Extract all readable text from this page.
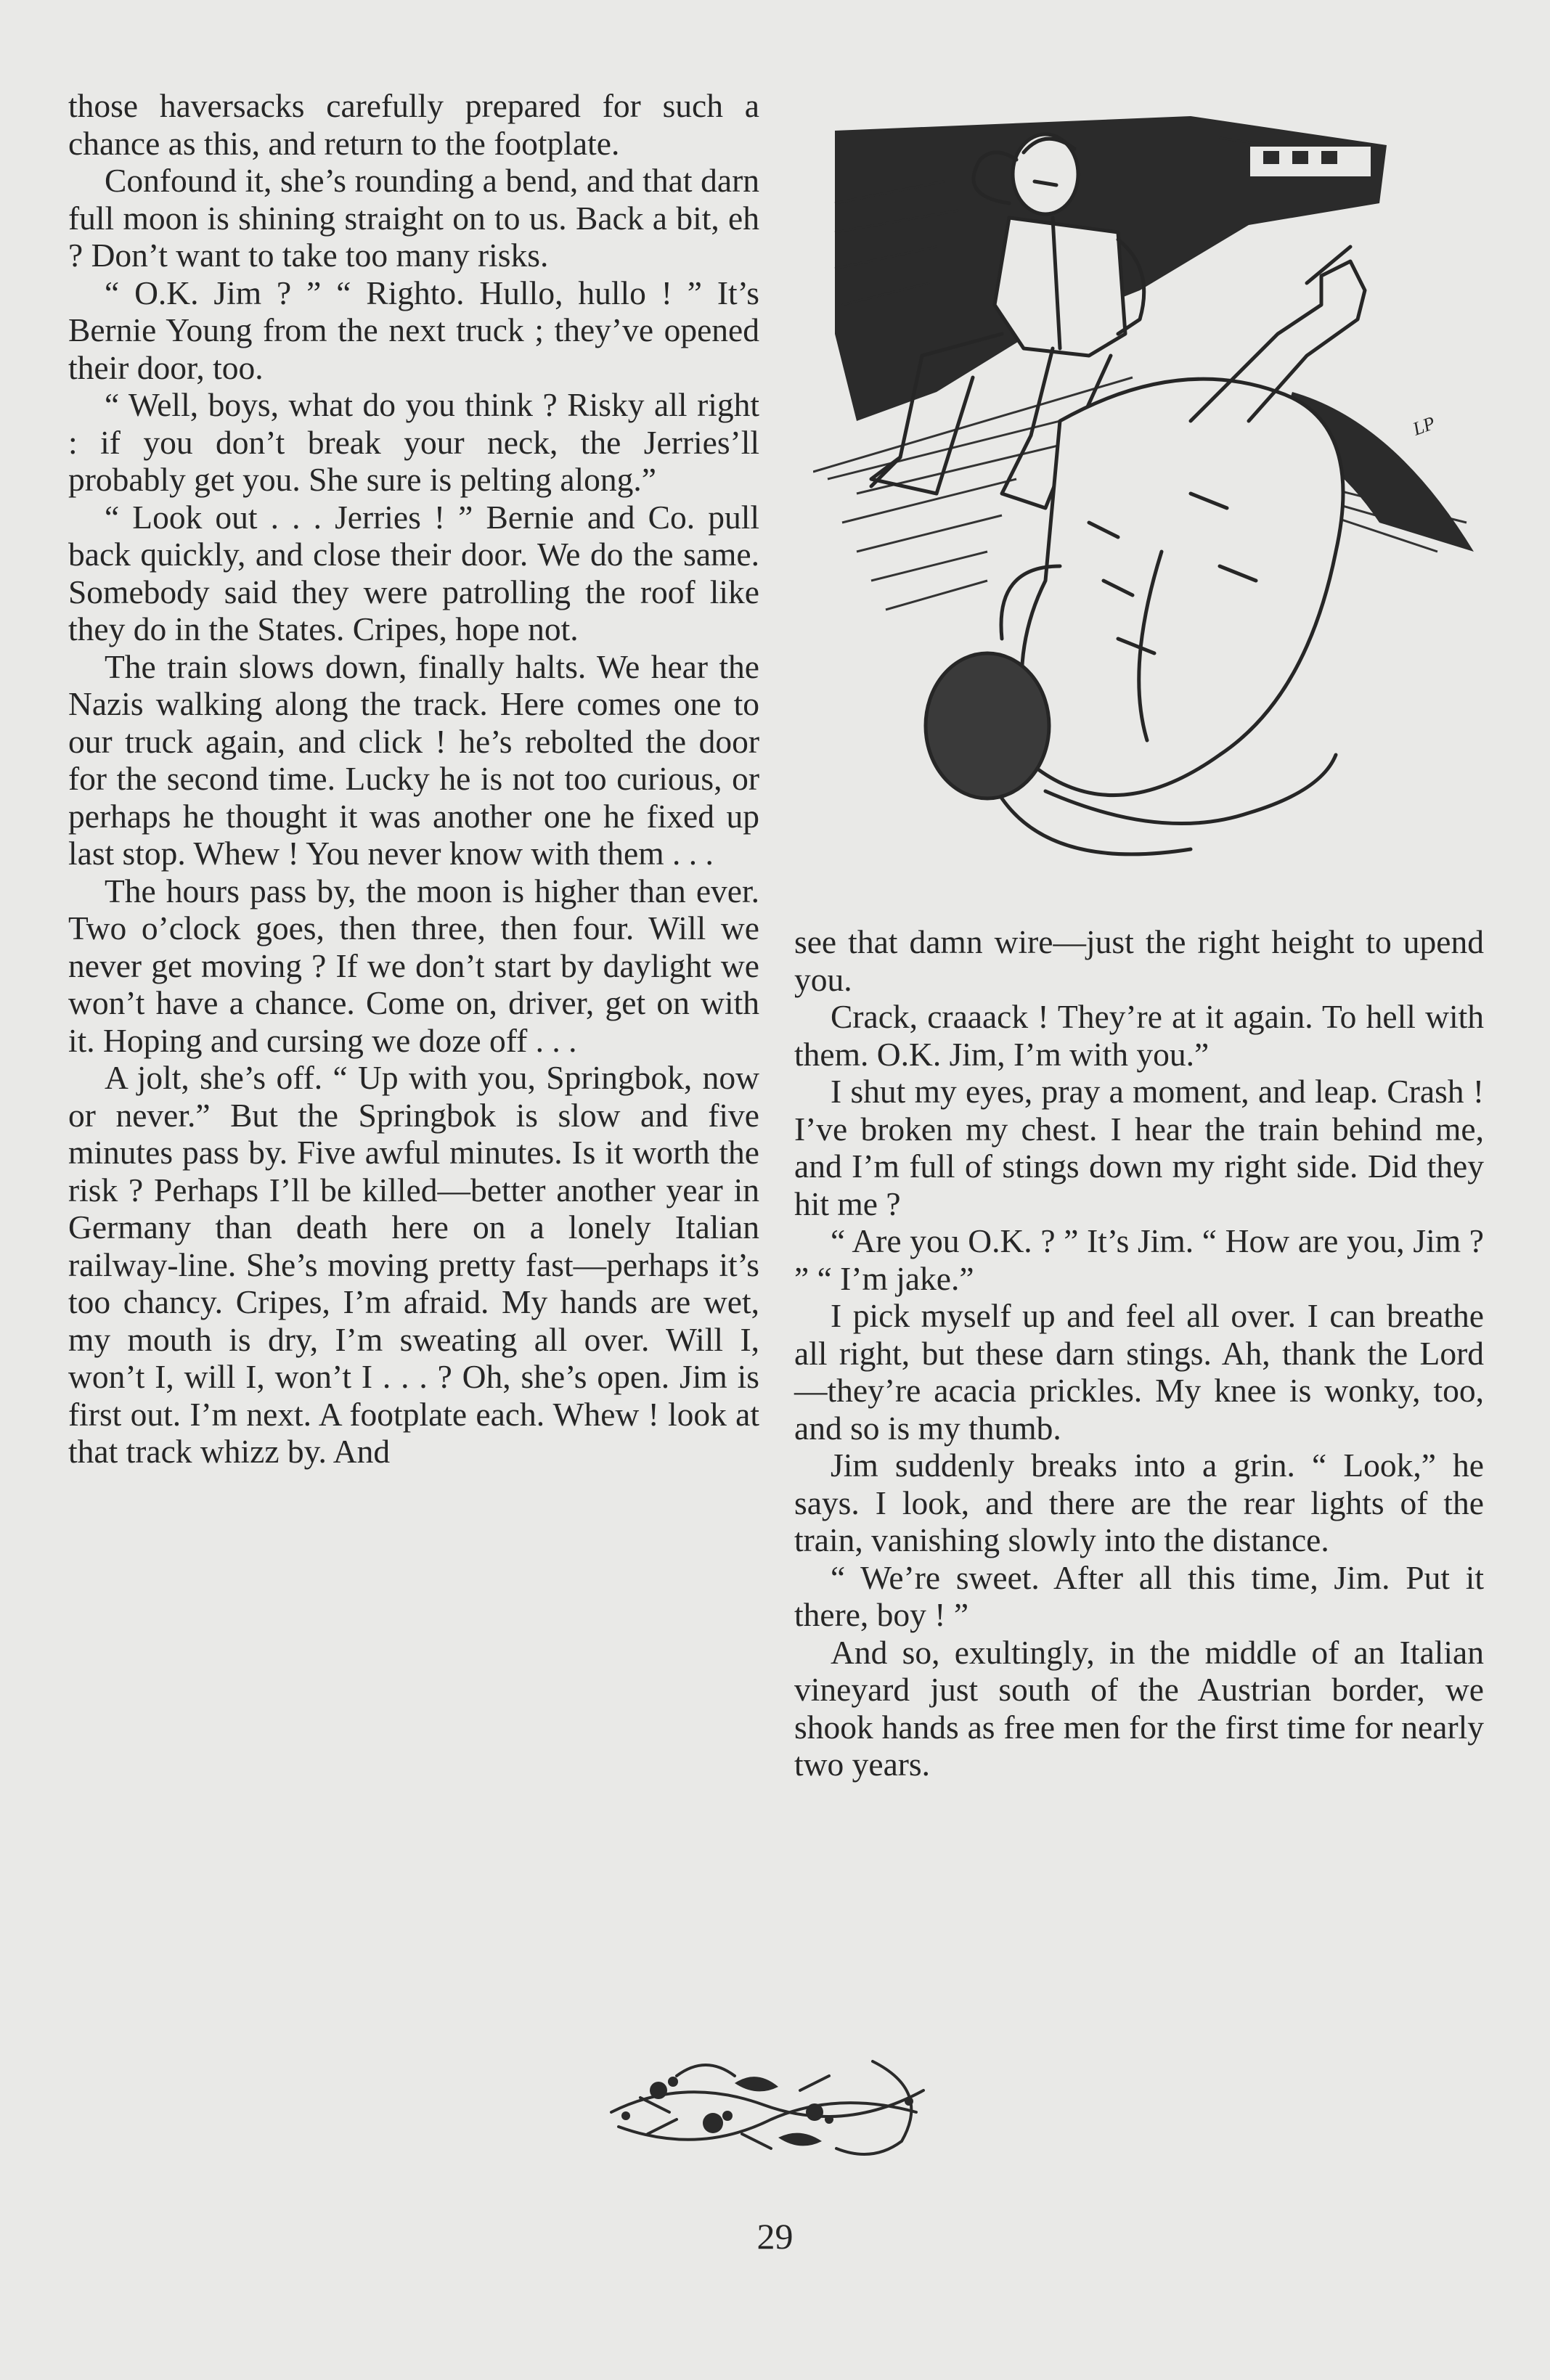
those haversacks carefully prepared for such a chance as this, and return to the footplate.

Confound it, she’s rounding a bend, and that darn full moon is shining straight on to us. Back a bit, eh ? Don’t want to take too many risks.

“ O.K. Jim ? ” “ Righto. Hullo, hullo ! ” It’s Bernie Young from the next truck ; they’ve opened their door, too.

“ Well, boys, what do you think ? Risky all right : if you don’t break your neck, the Jerries’ll probably get you. She sure is pelting along.”

“ Look out . . . Jerries ! ” Bernie and Co. pull back quickly, and close their door. We do the same. Somebody said they were patrolling the roof like they do in the States. Cripes, hope not.

The train slows down, finally halts. We hear the Nazis walking along the track. Here comes one to our truck again, and click ! he’s rebolted the door for the second time. Lucky he is not too curious, or perhaps he thought it was another one he fixed up last stop. Whew ! You never know with them . . .

The hours pass by, the moon is higher than ever. Two o’clock goes, then three, then four. Will we never get moving ? If we don’t start by daylight we won’t have a chance. Come on, driver, get on with it. Hoping and cursing we doze off . . .

A jolt, she’s off. “ Up with you, Springbok, now or never.” But the Springbok is slow and five minutes pass by. Five awful minutes. Is it worth the risk ? Perhaps I’ll be killed—better another year in Germany than death here on a lonely Italian railway-line. She’s moving pretty fast—perhaps it’s too chancy. Cripes, I’m afraid. My hands are wet, my mouth is dry, I’m sweating all over. Will I, won’t I, will I, won’t I . . . ? Oh, she’s open. Jim is first out. I’m next. A footplate each. Whew ! look at that track whizz by. And

LP

see that damn wire—just the right height to upend you.

Crack, craaack ! They’re at it again. To hell with them. O.K. Jim, I’m with you.”

I shut my eyes, pray a moment, and leap. Crash ! I’ve broken my chest. I hear the train behind me, and I’m full of stings down my right side. Did they hit me ?

“ Are you O.K. ? ” It’s Jim. “ How are you, Jim ? ” “ I’m jake.”

I pick myself up and feel all over. I can breathe all right, but these darn stings. Ah, thank the Lord—they’re acacia prickles. My knee is wonky, too, and so is my thumb.

Jim suddenly breaks into a grin. “ Look,” he says. I look, and there are the rear lights of the train, vanishing slowly into the distance.

“ We’re sweet. After all this time, Jim. Put it there, boy ! ”

And so, exultingly, in the middle of an Italian vineyard just south of the Austrian border, we shook hands as free men for the first time for nearly two years.

29
